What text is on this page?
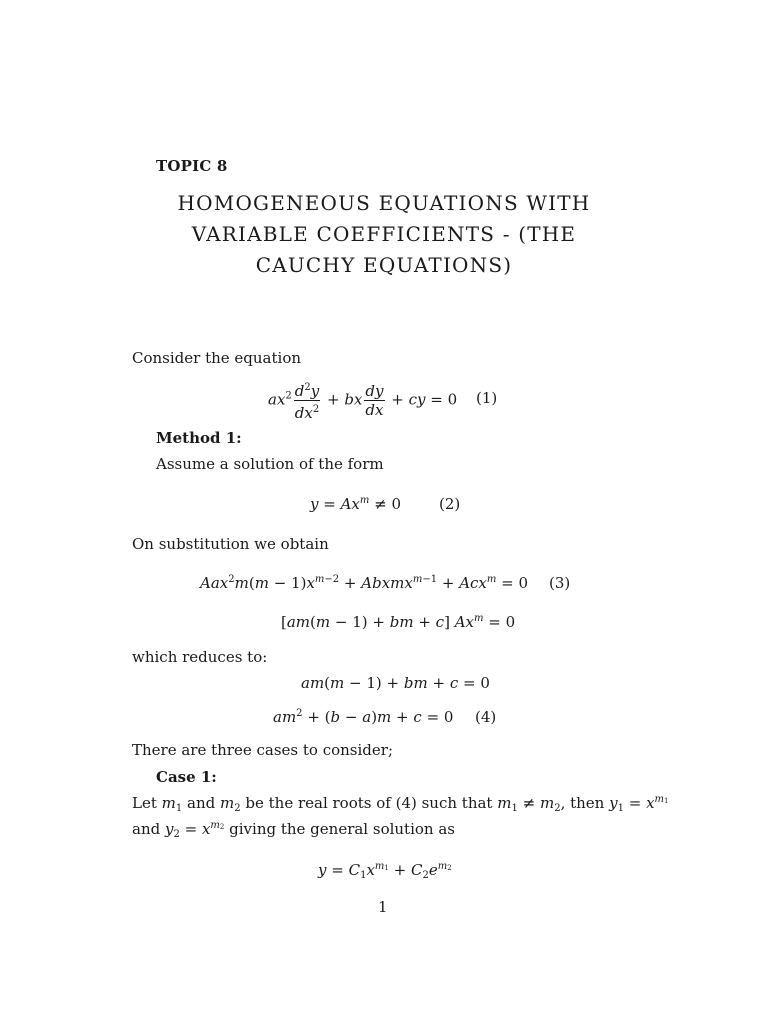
TOPIC 8
HOMOGENEOUS EQUATIONS WITH
VARIABLE COEFFICIENTS - (THE
CAUCHY EQUATIONS)
Consider the equation
$ax^2 \frac{d^2y}{dx^2}$ + bx $\frac{dy}{dx}$ + cy = 0 (1)
Method 1:
Assume a solution of the form
$y = Ax^m \ne 0$	(2)
On substitution we obtain
$Aax^2m(m - 1)x^{m-2}$ + Abxmx$^{m-1}$ + Acx$^m$ = 0 (3)
[am(m − 1) + bm + c] $Ax^m = 0$
which reduces to:
am(m − 1) + bm + c = 0
$am^2 + (b - a)m + c = 0$ (4)
There are three cases to consider;
Case 1:
Let $m_1$ and $m_2$ be the real roots of (4) such that $m_1 \ne m_2$, then $y_1 = x^{m_1}$
and $y_2 = x^{m_2}$ giving the general solution as
$y = C_1x^{m_1} + C_2e^{m_2}$
1
